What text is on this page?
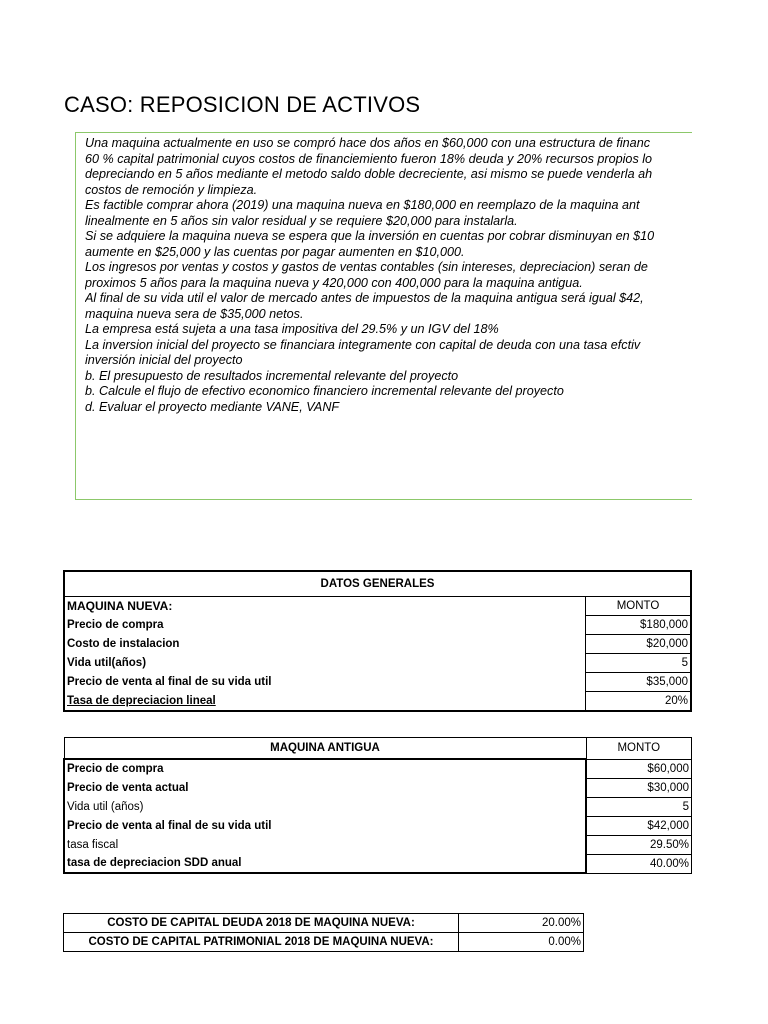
CASO: REPOSICION DE ACTIVOS
Una maquina actualmente en uso se compró hace dos años en $60,000 con una estructura de financ
60 % capital patrimonial cuyos costos de financiemiento fueron 18% deuda y 20% recursos propios lo
depreciando en 5 años mediante el metodo saldo doble decreciente, asi mismo se puede venderla ah
costos de remoción y limpieza.
Es factible comprar ahora (2019) una maquina nueva en $180,000 en reemplazo de la maquina ant
linealmente en 5 años sin valor residual y se requiere $20,000 para instalarla.
Si se adquiere la maquina nueva se espera que la inversión en cuentas por cobrar disminuyan en $10
aumente en $25,000 y las cuentas por pagar aumenten en $10,000.
Los ingresos por ventas y costos y gastos de ventas contables (sin intereses, depreciacion) seran de
proximos 5 años para la maquina nueva y 420,000 con 400,000 para la maquina antigua.
Al final de su vida util el valor de mercado antes de impuestos de la maquina antigua será igual $42,
maquina nueva sera de $35,000 netos.
La empresa está sujeta a una tasa impositiva del 29.5% y un IGV del 18%
La inversion inicial del proyecto se financiara integramente con capital de deuda con una tasa efctiv
inversión inicial del proyecto
b. El presupuesto de resultados incremental relevante del proyecto
b. Calcule el flujo de efectivo economico financiero incremental relevante del proyecto
d. Evaluar el proyecto mediante VANE, VANF
DATOS GENERALES	
MAQUINA NUEVA:	MONTO
Precio de compra	$180,000
Costo de instalacion	$20,000
Vida util(años)	5
Precio de venta al final de su vida util	$35,000
Tasa de depreciacion lineal	20%
MAQUINA ANTIGUA	MONTO
Precio de compra	$60,000
Precio de venta actual	$30,000
Vida util (años)	5
Precio de venta al final de su vida util	$42,000
tasa fiscal	29.50%
tasa de depreciacion SDD anual	40.00%
COSTO DE CAPITAL DEUDA 2018 DE MAQUINA NUEVA:	20.00%
COSTO DE CAPITAL PATRIMONIAL 2018 DE MAQUINA NUEVA:	0.00%
